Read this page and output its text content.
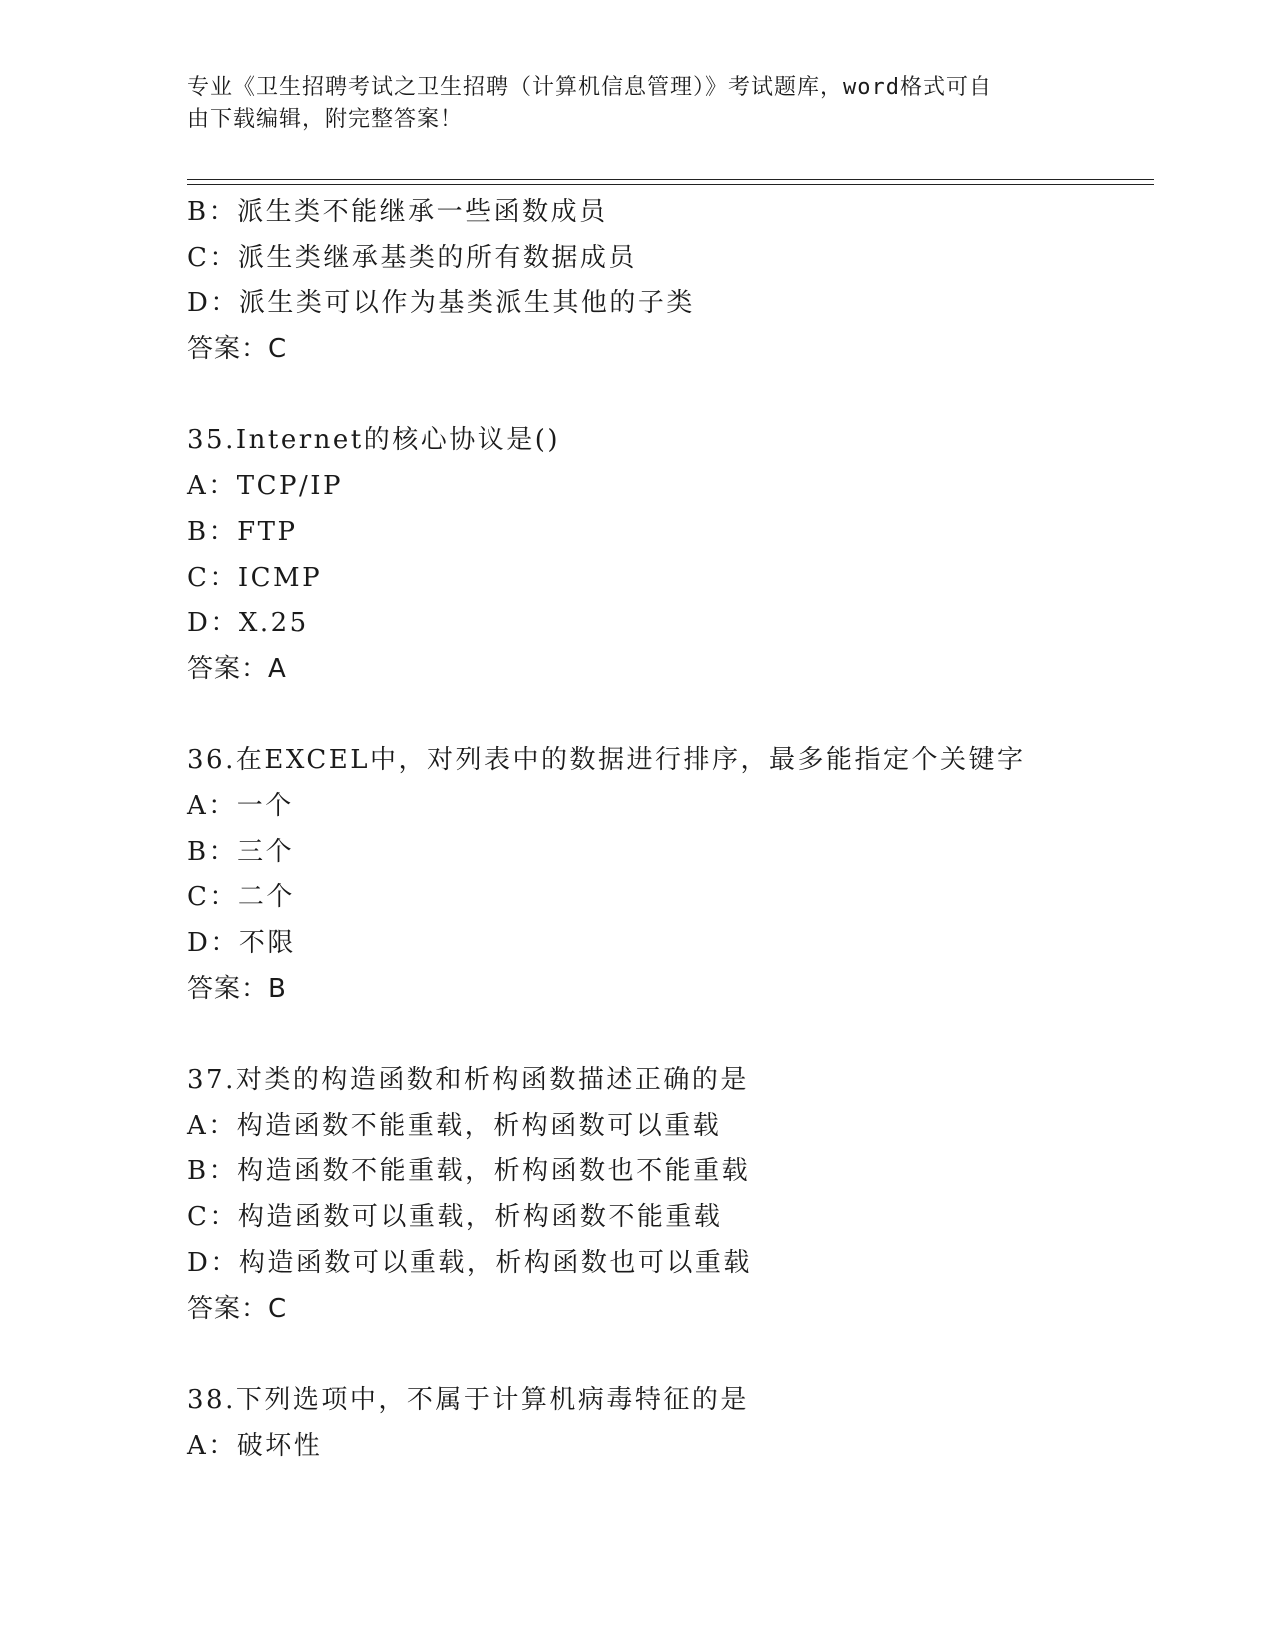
专业《卫生招聘考试之卫生招聘（计算机信息管理）》考试题库，word格式可自
由下载编辑，附完整答案！
B：派生类不能继承一些函数成员
C：派生类继承基类的所有数据成员
D：派生类可以作为基类派生其他的子类
答案：C
35.Internet的核心协议是()
A：TCP/IP
B：FTP
C：ICMP
D：X.25
答案：A
36.在EXCEL中，对列表中的数据进行排序，最多能指定个关键字
A：一个
B：三个
C：二个
D：不限
答案：B
37.对类的构造函数和析构函数描述正确的是
A：构造函数不能重载，析构函数可以重载
B：构造函数不能重载，析构函数也不能重载
C：构造函数可以重载，析构函数不能重载
D：构造函数可以重载，析构函数也可以重载
答案：C
38.下列选项中，不属于计算机病毒特征的是
A：破坏性
